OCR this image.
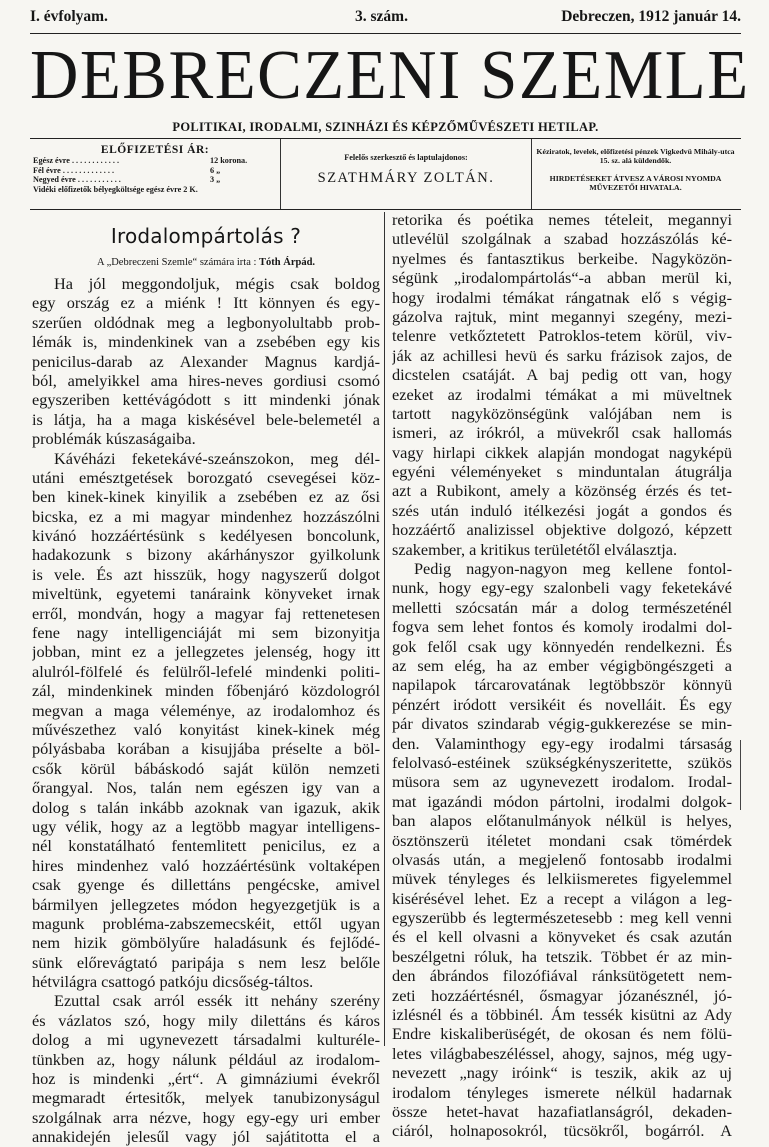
I. évfolyam.	3. szám.	Debreczen, 1912 január 14.
DEBRECZENI SZEMLE
POLITIKAI, IRODALMI, SZINHÁZI ÉS KÉPZŐMŰVÉSZETI HETILAP.
ELŐFIZETÉSI ÁR:
Egész évre . . . . . . . . . . . .	12 korona.
Fél évre . . . . . . . . . . . . .	6 „
Negyed évre . . . . . . . . . . .	3 „
Vidéki előfizetők bélyegköltsége egész évre 2 K.
Felelős szerkesztő és laptulajdonos:
SZATHMÁRY ZOLTÁN.
Kéziratok, levelek, előfizetési pénzek Vigkedvü Mihály-utca 15. sz. alá küldendők.
HIRDETÉSEKET ÁTVESZ A VÁROSI NYOMDA MŰVEZETŐI HIVATALA.
Irodalompártolás ?
A „Debreczeni Szemle“ számára irta : Tóth Árpád.
Ha jól meggondoljuk, mégis csak boldog
egy ország ez a miénk ! Itt könnyen és egy-
szerűen oldódnak meg a legbonyolultabb prob-
lémák is, mindenkinek van a zsebében egy kis
penicilus-darab az Alexander Magnus kardjá-
ból, amelyikkel ama hires-neves gordiusi csomó
egyszeriben kettévágódott s itt mindenki jónak
is látja, ha a maga kiskésével bele-belemetél a
problémák kúszaságaiba.
Kávéházi feketekávé-szeánszokon, meg dél-
utáni emésztgetések borozgató csevegései köz-
ben kinek-kinek kinyilik a zsebében ez az ősi
bicska, ez a mi magyar mindenhez hozzászólni
kivánó hozzáértésünk s kedélyesen boncolunk,
hadakozunk s bizony akárhányszor gyilkolunk
is vele. És azt hisszük, hogy nagyszerű dolgot
miveltünk, egyetemi tanáraink könyveket irnak
erről, mondván, hogy a magyar faj rettenetesen
fene nagy intelligenciáját mi sem bizonyitja
jobban, mint ez a jellegzetes jelenség, hogy itt
alulról-fölfelé és felülről-lefelé mindenki politi-
zál, mindenkinek minden főbenjáró közdologról
megvan a maga véleménye, az irodalomhoz és
művészethez való konyitást kinek-kinek még
pólyásbaba korában a kisujjába préselte a böl-
csők körül bábáskodó saját külön nemzeti
őrangyal. Nos, talán nem egészen igy van a
dolog s talán inkább azoknak van igazuk, akik
ugy vélik, hogy az a legtöbb magyar intelligens-
nél konstatálható fentemlitett penicilus, ez a
hires mindenhez való hozzáértésünk voltaképen
csak gyenge és dillettáns pengécske, amivel
bármilyen jellegzetes módon hegyezgetjük is a
magunk probléma-zabszemecskéit, ettől ugyan
nem hizik gömbölyűre haladásunk és fejlődé-
sünk előrevágtató paripája s nem lesz belőle
hétvilágra csattogó patkóju dicsőség-táltos.
Ezuttal csak arról essék itt nehány szerény
és vázlatos szó, hogy mily dilettáns és káros
dolog a mi ugynevezett társadalmi kulturéle-
tünkben az, hogy nálunk például az irodalom-
hoz is mindenki „ért“. A gimnáziumi évekről
megmaradt értesitők, melyek tanubizonyságul
szolgálnak arra nézve, hogy egy-egy uri ember
annakidején jelesűl vagy jól sajátitotta el a
retorika és poétika nemes tételeit, megannyi
utlevélül szolgálnak a szabad hozzászólás ké-
nyelmes és fantasztikus berkeibe. Nagyközön-
ségünk „irodalompártolás“-a abban merül ki,
hogy irodalmi témákat rángatnak elő s végig-
gázolva rajtuk, mint megannyi szegény, mezi-
telenre vetkőztetett Patroklos-tetem körül, viv-
ják az achillesi hevü és sarku frázisok zajos, de
dicstelen csatáját. A baj pedig ott van, hogy
ezeket az irodalmi témákat a mi müveltnek
tartott nagyközönségünk valójában nem is
ismeri, az irókról, a müvekről csak hallomás
vagy hirlapi cikkek alapján mondogat nagyképü
egyéni véleményeket s minduntalan átugrálja
azt a Rubikont, amely a közönség érzés és tet-
szés után induló itélkezési jogát a gondos és
hozzáértő analizissel objektive dolgozó, képzett
szakember, a kritikus területétől elválasztja.
Pedig nagyon-nagyon meg kellene fontol-
nunk, hogy egy-egy szalonbeli vagy feketekávé
melletti szócsatán már a dolog természeténél
fogva sem lehet fontos és komoly irodalmi dol-
gok felől csak ugy könnyedén rendelkezni. És
az sem elég, ha az ember végigböngészgeti a
napilapok tárcarovatának legtöbbször könnyü
pénzért iródott versikéit és novelláit. És egy
pár divatos szindarab végig-gukkerezése se min-
den. Valaminthogy egy-egy irodalmi társaság
felolvasó-estéinek szükségkényszeritette, szükös
müsora sem az ugynevezett irodalom. Irodal-
mat igazándi módon pártolni, irodalmi dolgok-
ban alapos előtanulmányok nélkül is helyes,
ösztönszerü itéletet mondani csak tömérdek
olvasás után, a megjelenő fontosabb irodalmi
müvek tényleges és lelkiismeretes figyelemmel
kisérésével lehet. Ez a recept a világon a leg-
egyszerübb és legtermészetesebb : meg kell venni
és el kell olvasni a könyveket és csak azután
beszélgetni róluk, ha tetszik. Többet ér az min-
den ábrándos filozófiával ránksütögetett nem-
zeti hozzáértésnél, ősmagyar józanésznél, jó-
izlésnél és a többinél. Ám tessék kisütni az Ady
Endre kiskaliberüségét, de okosan és nem fölü-
letes világbabeszéléssel, ahogy, sajnos, még ugy-
nevezett „nagy iróink“ is teszik, akik az uj
irodalom tényleges ismerete nélkül hadarnak
össze hetet-havat hazafiatlanságról, dekaden-
ciáról, holnaposokról, tücsökről, bogárról. A
